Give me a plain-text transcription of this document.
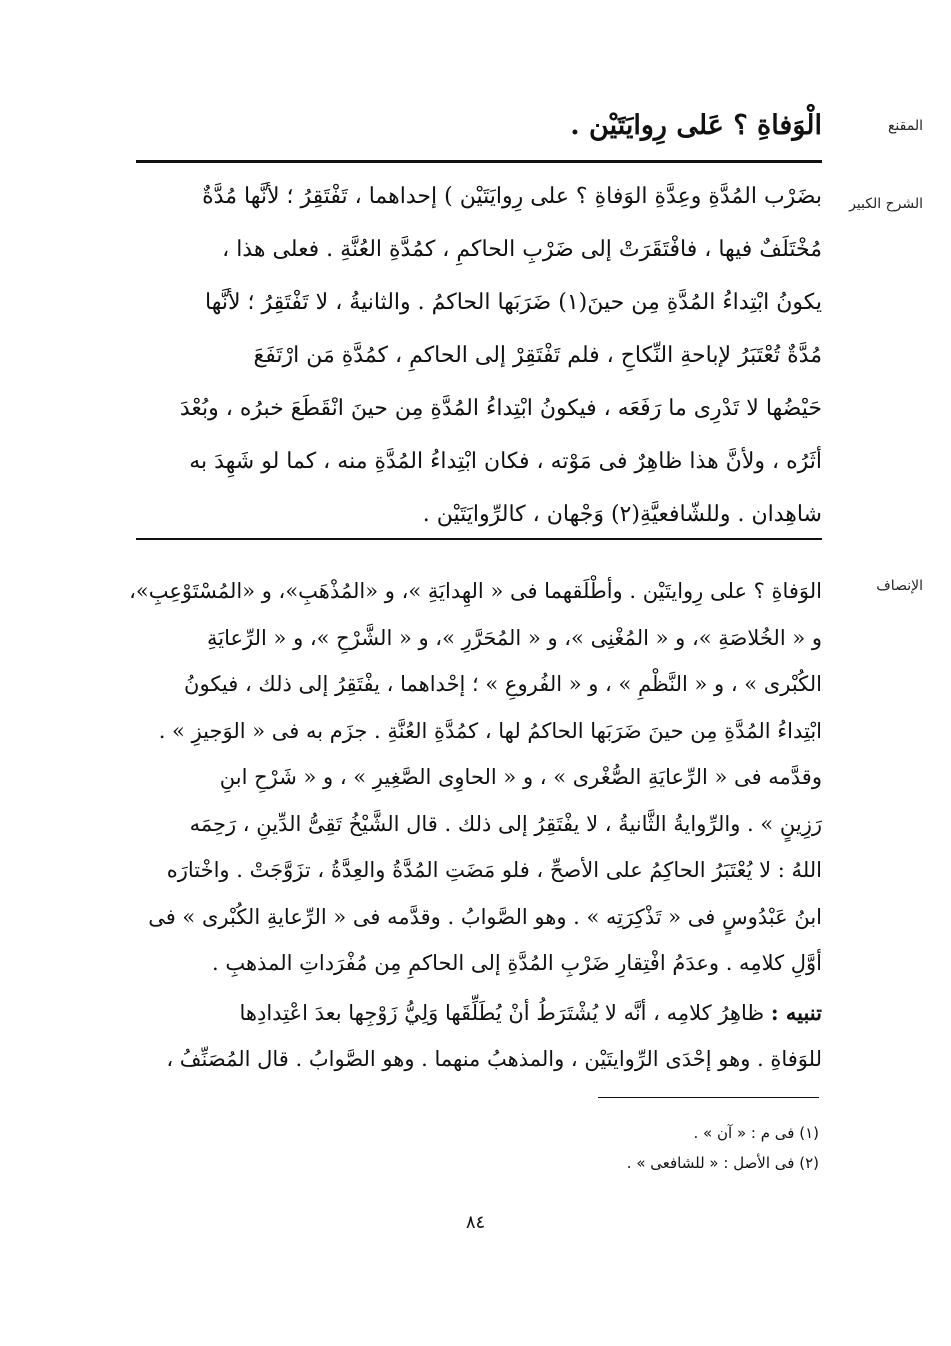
المقنع
الْوَفاةِ ؟ عَلى رِوايَتَيْن .
الشرح الكبير
بضَرْب المُدَّةِ وعِدَّةِ الوَفاةِ ؟ على رِوايَتَيْن ) إحداهما ، تَفْتَقِرُ ؛ لأنَّها مُدَّةٌ
مُخْتَلَفٌ فيها ، فافْتَقَرَتْ إلى ضَرْبِ الحاكمِ ، كمُدَّةِ العُنَّةِ . فعلى هذا ،
يكونُ ابْتِداءُ المُدَّةِ مِن حينَ(١) ضَرَبَها الحاكمُ . والثانيةُ ، لا تَفْتَقِرُ ؛ لأنَّها
مُدَّةٌ تُعْتَبَرُ لإباحةِ النِّكاحِ ، فلم تَفْتَقِرْ إلى الحاكمِ ، كمُدَّةِ مَن ارْتَفَعَ
حَيْضُها لا تَدْرِى ما رَفَعَه ، فيكونُ ابْتِداءُ المُدَّةِ مِن حينَ انْقَطَعَ خبرُه ، وبُعْدَ
أثَرُه ، ولأنَّ هذا ظاهِرٌ فى مَوْته ، فكان ابْتِداءُ المُدَّةِ منه ، كما لو شَهِدَ به
شاهِدان . وللشّافعيَّةِ(٢) وَجْهان ، كالرِّوايَتَيْن .
الإنصاف
الوَفاةِ ؟ على رِوايتَيْن . وأطْلَقهما فى « الهِدايَةِ »، و «المُذْهَبِ»، و «المُسْتَوْعِبِ»،
و « الخُلاصَةِ »، و « المُغْنِى »، و « المُحَرَّرِ »، و « الشَّرْحِ »، و « الرِّعايَةِ
الكُبْرى » ، و « النَّظْمِ » ، و « الفُروعِ » ؛ إحْداهما ، يفْتَقِرُ إلى ذلك ، فيكونُ
ابْتِداءُ المُدَّةِ مِن حينَ ضَرَبَها الحاكمُ لها ، كمُدَّةِ العُنَّةِ . جزَم به فى « الوَجيزِ » .
وقدَّمه فى « الرِّعايَةِ الصُّغْرى » ، و « الحاوِى الصَّغِيرِ » ، و « شَرْحِ ابنِ
رَزِينٍ » . والرِّوايةُ الثَّانيةُ ، لا يفْتَقِرُ إلى ذلك . قال الشَّيْخُ تَقِىُّ الدِّينِ ، رَحِمَه
اللهُ : لا يُعْتَبَرُ الحاكِمُ على الأصحِّ ، فلو مَضَتِ المُدَّةُ والعِدَّةُ ، تزَوَّجَتْ . واخْتارَه
ابنُ عَبْدُوسٍ فى « تَذْكِرَتِه » . وهو الصَّوابُ . وقدَّمه فى « الرِّعايةِ الكُبْرى » فى
أوَّلِ كلامِه . وعدَمُ افْتِقارِ ضَرْبِ المُدَّةِ إلى الحاكمِ مِن مُفْرَداتِ المذهبِ .
تنبيه : ظاهِرُ كلامِه ، أنَّه لا يُشْتَرَطُ أنْ يُطَلِّقَها وَلِيُّ زَوْجِها بعدَ اعْتِدادِها
للوَفاةِ . وهو إحْدَى الرِّوايتَيْن ، والمذهبُ منهما . وهو الصَّوابُ . قال المُصَنِّفُ ،
(١) فى م : « آن » .
(٢) فى الأصل : « للشافعى » .
٨٤
